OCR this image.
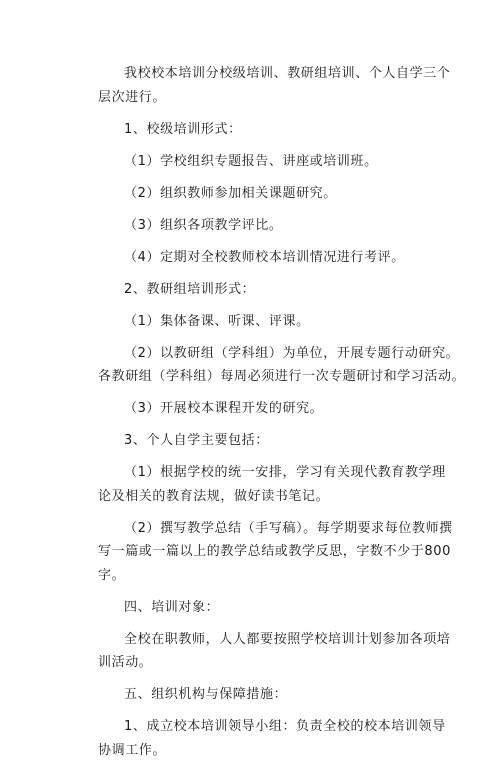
我校校本培训分校级培训、教研组培训、个人自学三个
层次进行。

1、校级培训形式：

（1）学校组织专题报告、讲座或培训班。

（2）组织教师参加相关课题研究。

（3）组织各项教学评比。

（4）定期对全校教师校本培训情况进行考评。

2、教研组培训形式：

（1）集体备课、听课、评课。

（2）以教研组（学科组）为单位，开展专题行动研究。
各教研组（学科组）每周必须进行一次专题研讨和学习活动。

（3）开展校本课程开发的研究。

3、个人自学主要包括：

（1）根据学校的统一安排，学习有关现代教育教学理
论及相关的教育法规，做好读书笔记。

（2）撰写教学总结（手写稿）。每学期要求每位教师撰
写一篇或一篇以上的教学总结或教学反思，字数不少于800
字。

四、培训对象：

全校在职教师，人人都要按照学校培训计划参加各项培
训活动。

五、组织机构与保障措施：

1、成立校本培训领导小组：负责全校的校本培训领导
协调工作。
